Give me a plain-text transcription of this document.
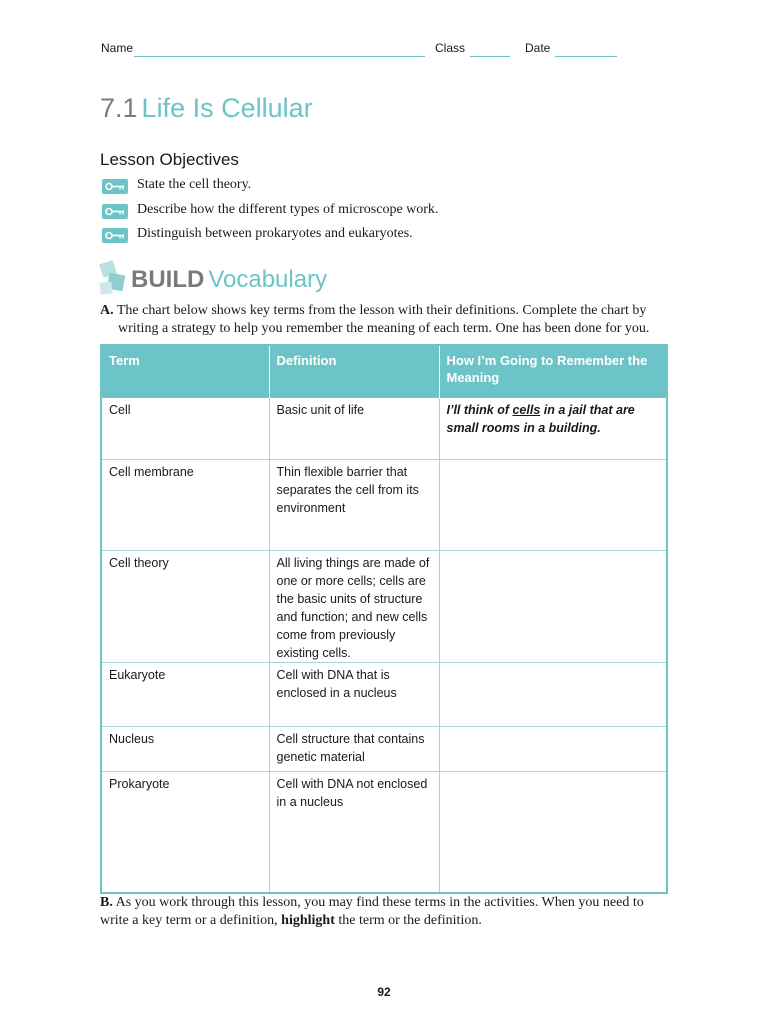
Name	Class	Date
7.1 Life Is Cellular
Lesson Objectives
State the cell theory.
Describe how the different types of microscope work.
Distinguish between prokaryotes and eukaryotes.
BUILD Vocabulary
A. The chart below shows key terms from the lesson with their definitions. Complete the chart by
writing a strategy to help you remember the meaning of each term. One has been done for you.
Term	Definition	How I’m Going to Remember the Meaning
Cell	Basic unit of life	I’ll think of cells in a jail that are small rooms in a building.
Cell membrane	Thin flexible barrier that separates the cell from its environment	
Cell theory	All living things are made of one or more cells; cells are the basic units of structure and function; and new cells come from previously existing cells.	
Eukaryote	Cell with DNA that is enclosed in a nucleus	
Nucleus	Cell structure that contains genetic material	
Prokaryote	Cell with DNA not enclosed in a nucleus	
B. As you work through this lesson, you may find these terms in the activities. When you need to write a key term or a definition, highlight the term or the definition.
92
